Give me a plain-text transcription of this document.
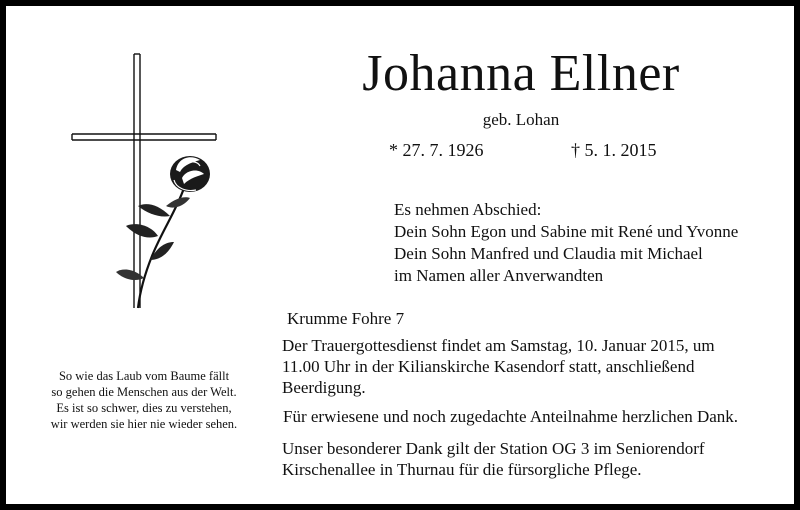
Johanna Ellner
geb. Lohan
* 27. 7. 1926	† 5. 1. 2015
Es nehmen Abschied:
Dein Sohn Egon und Sabine mit René und Yvonne
Dein Sohn Manfred und Claudia mit Michael
im Namen aller Anverwandten
Krumme Fohre 7
Der Trauergottesdienst findet am Samstag, 10. Januar 2015, um
11.00 Uhr in der Kilianskirche Kasendorf statt, anschließend
Beerdigung.
Für erwiesene und noch zugedachte Anteilnahme herzlichen Dank.
Unser besonderer Dank gilt der Station OG 3 im Seniorendorf
Kirschenallee in Thurnau für die fürsorgliche Pflege.
So wie das Laub vom Baume fällt
so gehen die Menschen aus der Welt.
Es ist so schwer, dies zu verstehen,
wir werden sie hier nie wieder sehen.
